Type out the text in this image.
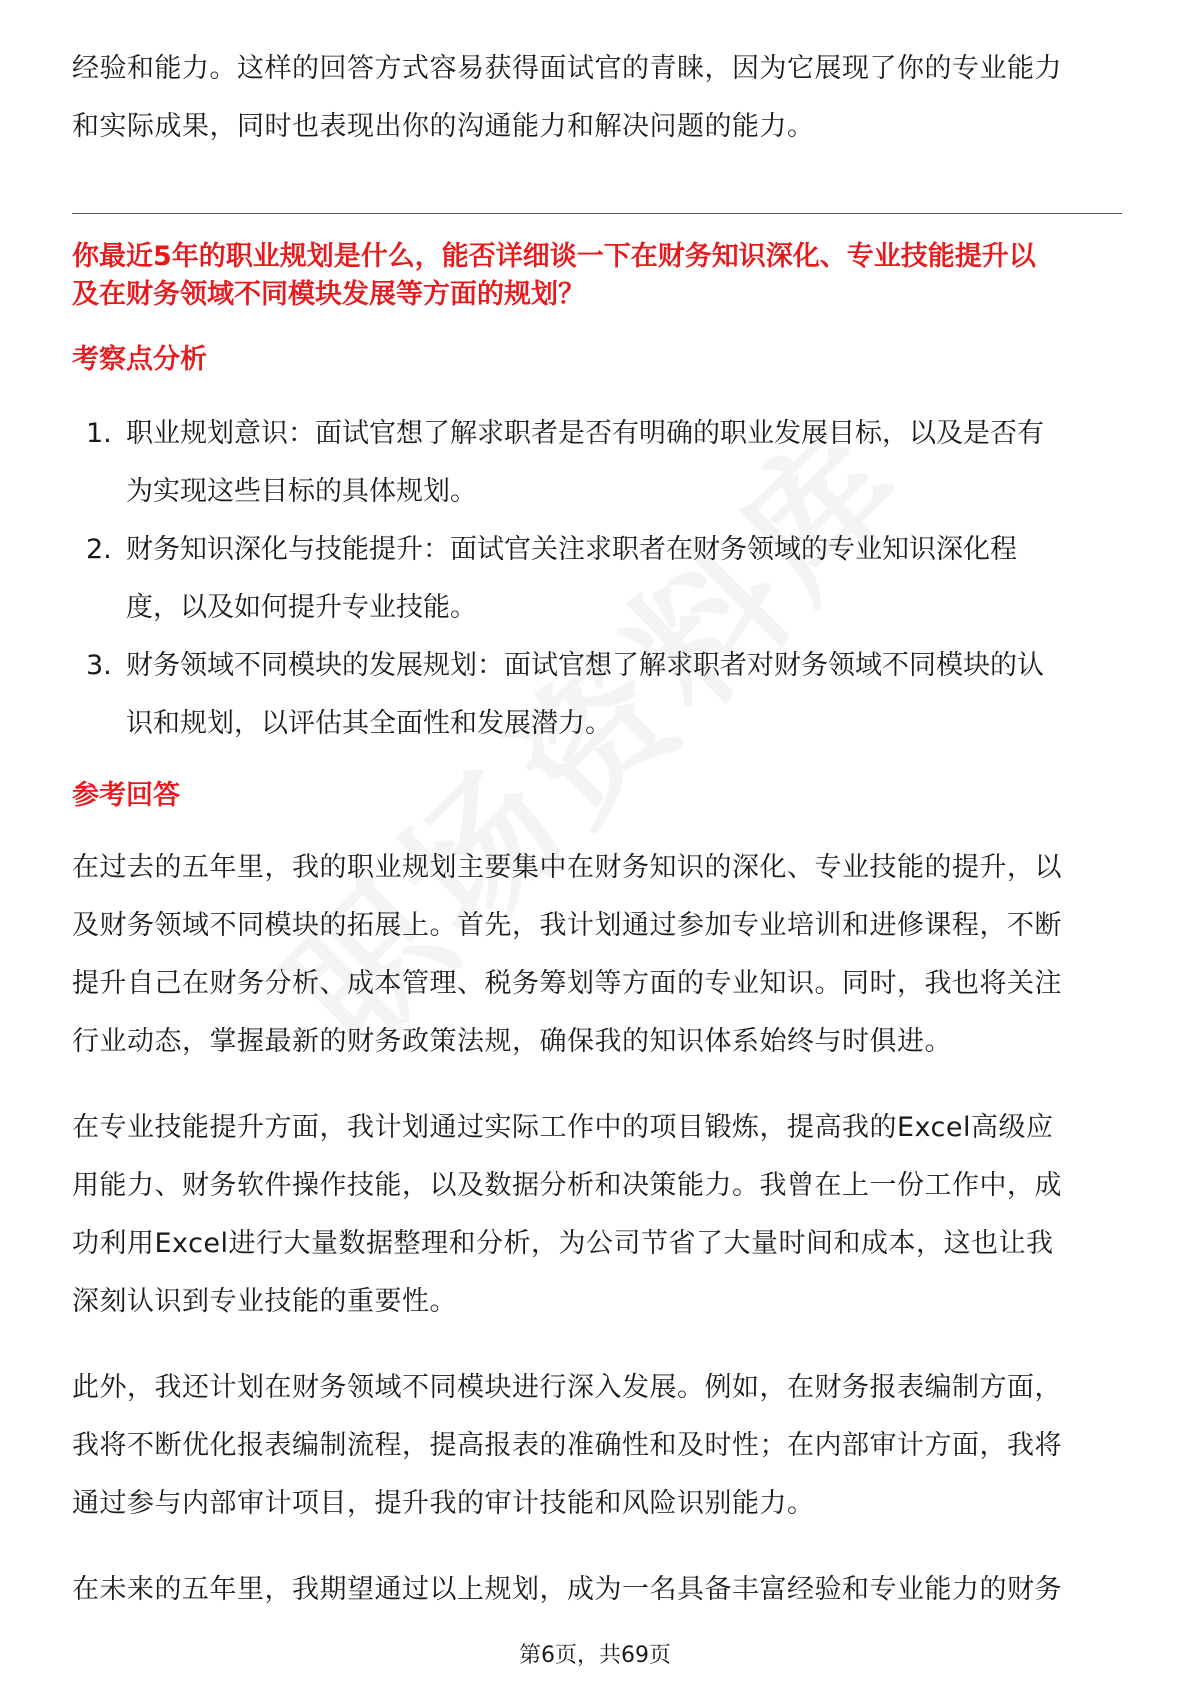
经验和能力。这样的回答方式容易获得面试官的青睐，因为它展现了你的专业能力

和实际成果，同时也表现出你的沟通能力和解决问题的能力。

你最近5年的职业规划是什么，能否详细谈一下在财务知识深化、专业技能提升以
及在财务领域不同模块发展等方面的规划？
考察点分析
1. 职业规划意识：面试官想了解求职者是否有明确的职业发展目标，以及是否有
为实现这些目标的具体规划。
2. 财务知识深化与技能提升：面试官关注求职者在财务领域的专业知识深化程
度，以及如何提升专业技能。
3. 财务领域不同模块的发展规划：面试官想了解求职者对财务领域不同模块的认
识和规划，以评估其全面性和发展潜力。
参考回答

在过去的五年里，我的职业规划主要集中在财务知识的深化、专业技能的提升，以

及财务领域不同模块的拓展上。首先，我计划通过参加专业培训和进修课程，不断

提升自己在财务分析、成本管理、税务筹划等方面的专业知识。同时，我也将关注

行业动态，掌握最新的财务政策法规，确保我的知识体系始终与时俱进。

在专业技能提升方面，我计划通过实际工作中的项目锻炼，提高我的Excel高级应

用能力、财务软件操作技能，以及数据分析和决策能力。我曾在上一份工作中，成

功利用Excel进行大量数据整理和分析，为公司节省了大量时间和成本，这也让我

深刻认识到专业技能的重要性。

此外，我还计划在财务领域不同模块进行深入发展。例如，在财务报表编制方面，

我将不断优化报表编制流程，提高报表的准确性和及时性；在内部审计方面，我将

通过参与内部审计项目，提升我的审计技能和风险识别能力。

在未来的五年里，我期望通过以上规划，成为一名具备丰富经验和专业能力的财务

第6页，共69页
